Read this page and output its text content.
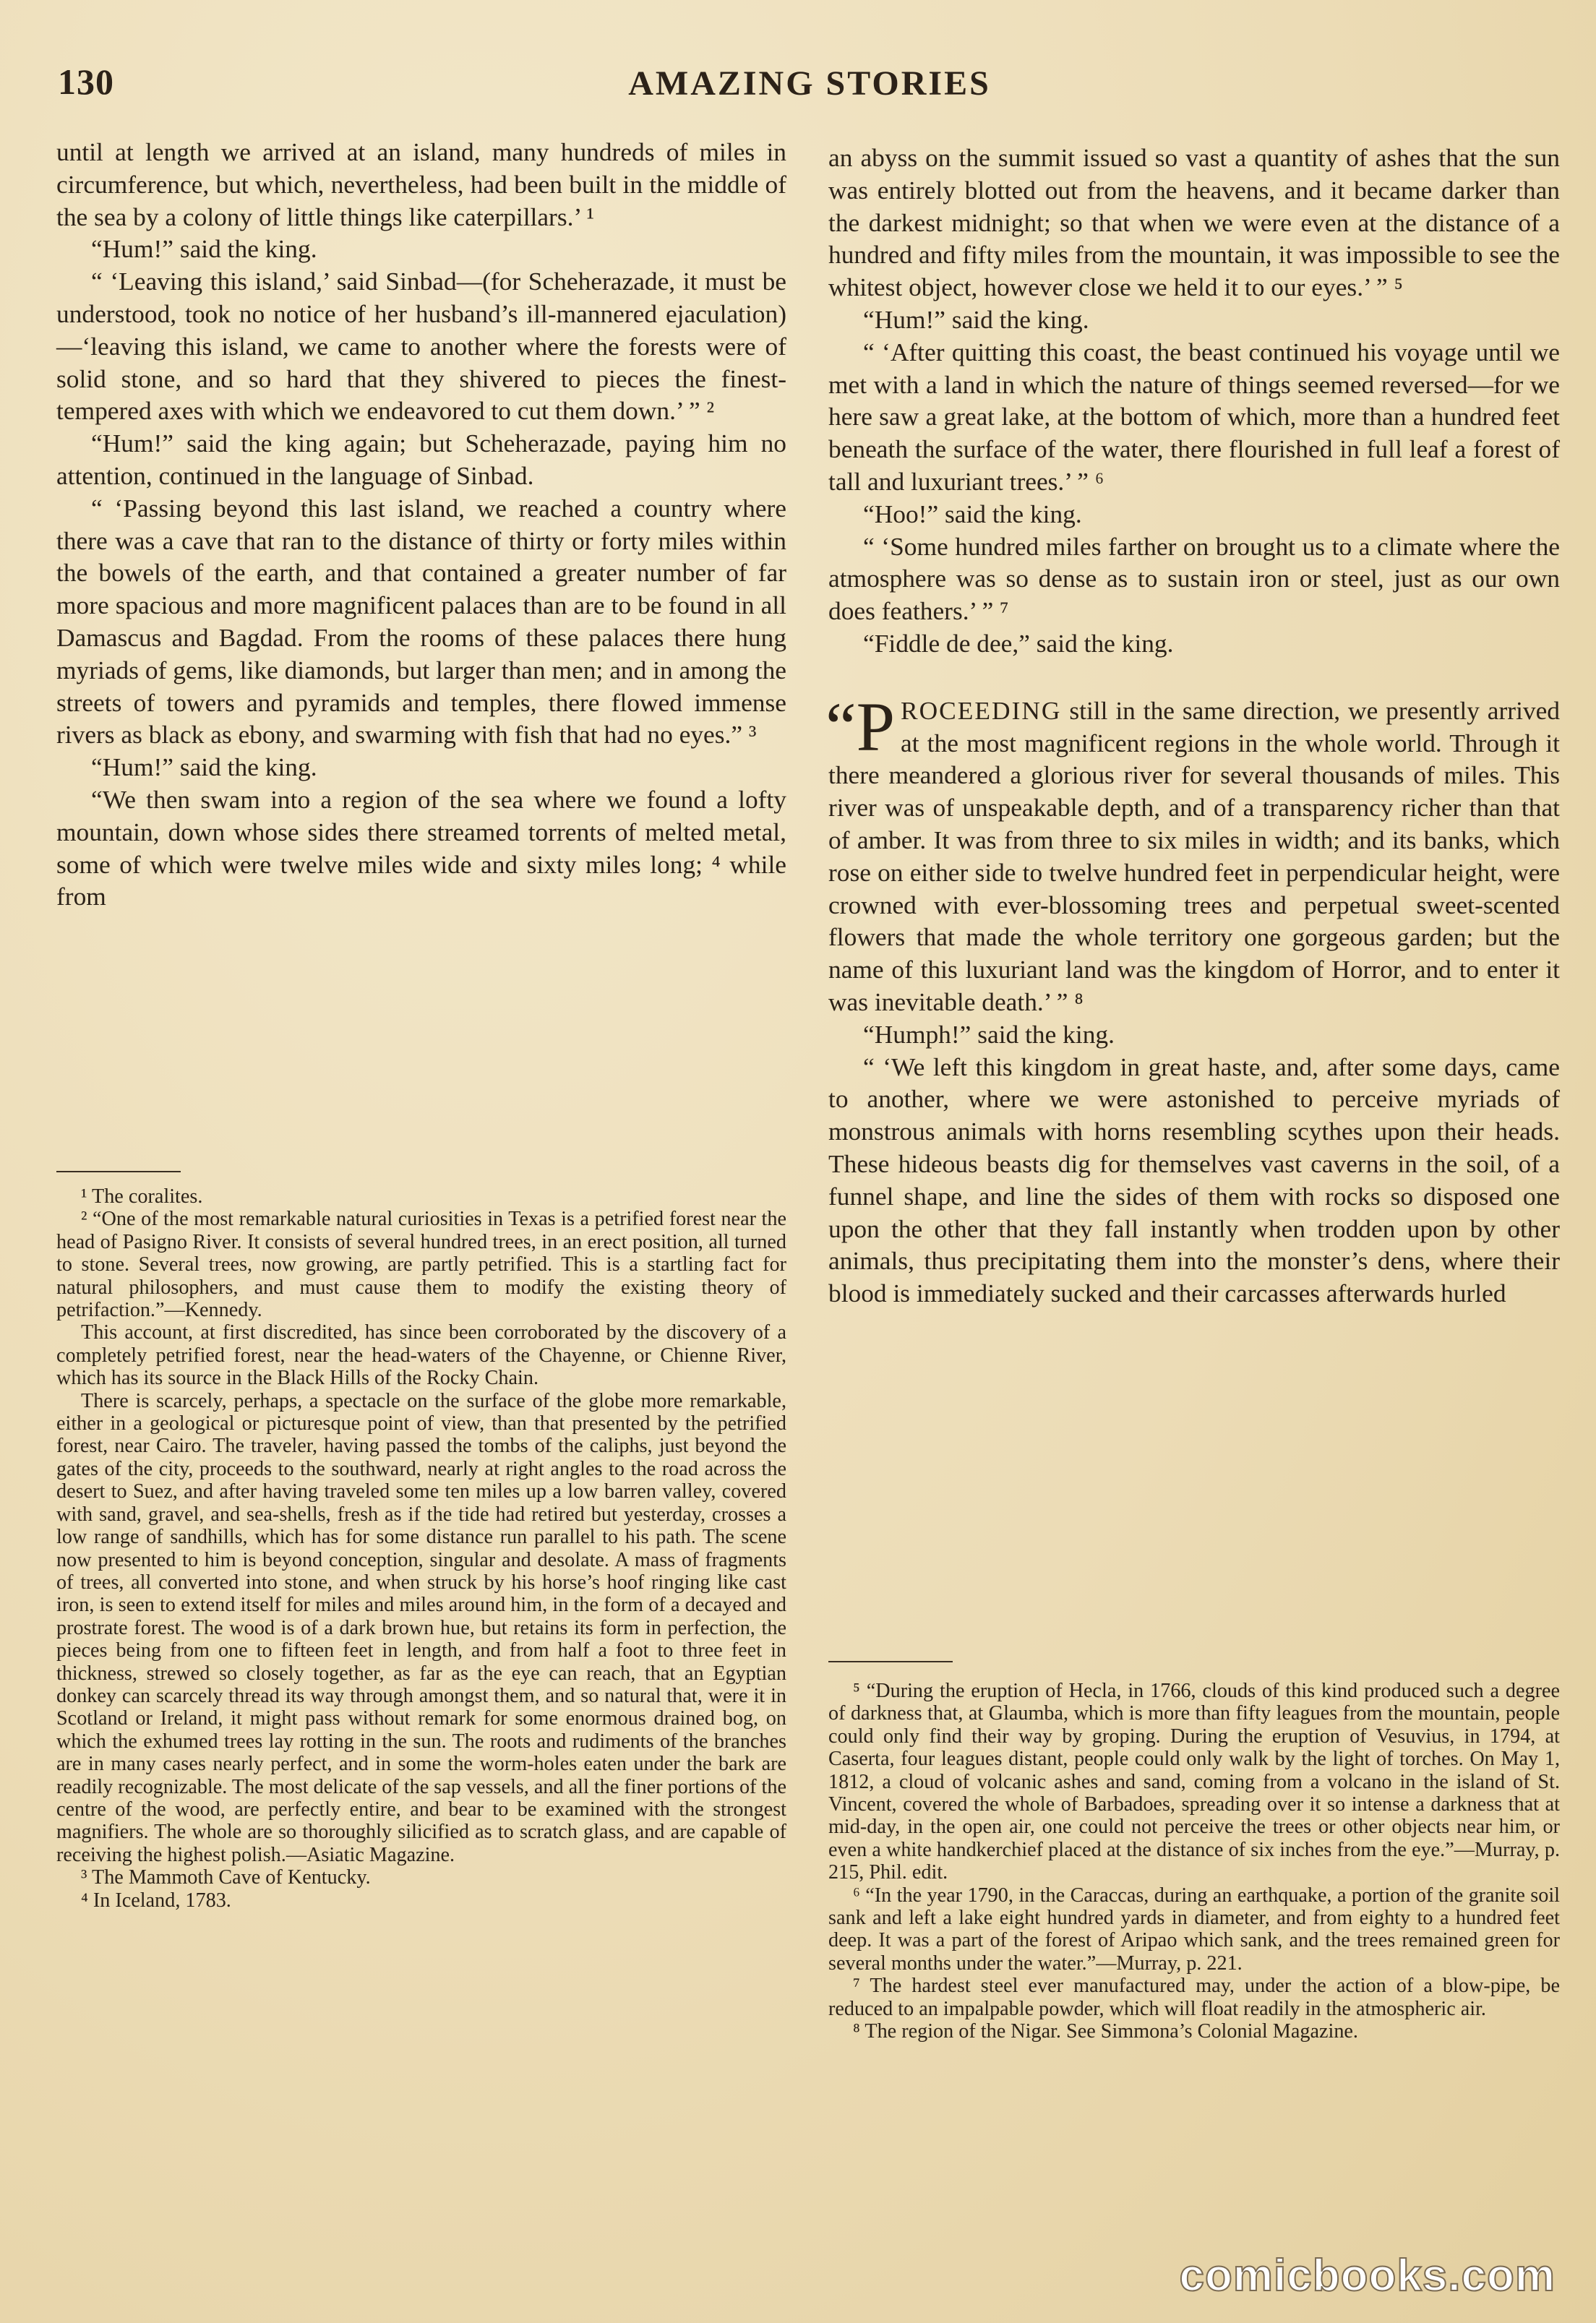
130	AMAZING STORIES

until at length we arrived at an island, many hundreds of miles in circumference, but which, nevertheless, had been built in the middle of the sea by a colony of little things like caterpillars.’ ¹

“Hum!” said the king.

“ ‘Leaving this island,’ said Sinbad—(for Scheherazade, it must be understood, took no notice of her husband’s ill-mannered ejaculation)—‘leaving this island, we came to another where the forests were of solid stone, and so hard that they shivered to pieces the finest-tempered axes with which we endeavored to cut them down.’ ” ²

“Hum!” said the king again; but Scheherazade, paying him no attention, continued in the language of Sinbad.

“ ‘Passing beyond this last island, we reached a country where there was a cave that ran to the distance of thirty or forty miles within the bowels of the earth, and that contained a greater number of far more spacious and more magnificent palaces than are to be found in all Damascus and Bagdad. From the rooms of these palaces there hung myriads of gems, like diamonds, but larger than men; and in among the streets of towers and pyramids and temples, there flowed immense rivers as black as ebony, and swarming with fish that had no eyes.” ³

“Hum!” said the king.

“We then swam into a region of the sea where we found a lofty mountain, down whose sides there streamed torrents of melted metal, some of which were twelve miles wide and sixty miles long; ⁴ while from

¹ The coralites.

² “One of the most remarkable natural curiosities in Texas is a petrified forest near the head of Pasigno River. It consists of several hundred trees, in an erect position, all turned to stone. Several trees, now growing, are partly petrified. This is a startling fact for natural philosophers, and must cause them to modify the existing theory of petrifaction.”—Kennedy.

This account, at first discredited, has since been corroborated by the discovery of a completely petrified forest, near the head-waters of the Chayenne, or Chienne River, which has its source in the Black Hills of the Rocky Chain.

There is scarcely, perhaps, a spectacle on the surface of the globe more remarkable, either in a geological or picturesque point of view, than that presented by the petrified forest, near Cairo. The traveler, having passed the tombs of the caliphs, just beyond the gates of the city, proceeds to the southward, nearly at right angles to the road across the desert to Suez, and after having traveled some ten miles up a low barren valley, covered with sand, gravel, and sea-shells, fresh as if the tide had retired but yesterday, crosses a low range of sandhills, which has for some distance run parallel to his path. The scene now presented to him is beyond conception, singular and desolate. A mass of fragments of trees, all converted into stone, and when struck by his horse’s hoof ringing like cast iron, is seen to extend itself for miles and miles around him, in the form of a decayed and prostrate forest. The wood is of a dark brown hue, but retains its form in perfection, the pieces being from one to fifteen feet in length, and from half a foot to three feet in thickness, strewed so closely together, as far as the eye can reach, that an Egyptian donkey can scarcely thread its way through amongst them, and so natural that, were it in Scotland or Ireland, it might pass without remark for some enormous drained bog, on which the exhumed trees lay rotting in the sun. The roots and rudiments of the branches are in many cases nearly perfect, and in some the worm-holes eaten under the bark are readily recognizable. The most delicate of the sap vessels, and all the finer portions of the centre of the wood, are perfectly entire, and bear to be examined with the strongest magnifiers. The whole are so thoroughly silicified as to scratch glass, and are capable of receiving the highest polish.—Asiatic Magazine.

³ The Mammoth Cave of Kentucky.

⁴ In Iceland, 1783.

an abyss on the summit issued so vast a quantity of ashes that the sun was entirely blotted out from the heavens, and it became darker than the darkest midnight; so that when we were even at the distance of a hundred and fifty miles from the mountain, it was impossible to see the whitest object, however close we held it to our eyes.’ ” ⁵

“Hum!” said the king.

“ ‘After quitting this coast, the beast continued his voyage until we met with a land in which the nature of things seemed reversed—for we here saw a great lake, at the bottom of which, more than a hundred feet beneath the surface of the water, there flourished in full leaf a forest of tall and luxuriant trees.’ ” ⁶

“Hoo!” said the king.

“ ‘Some hundred miles farther on brought us to a climate where the atmosphere was so dense as to sustain iron or steel, just as our own does feathers.’ ” ⁷

“Fiddle de dee,” said the king.

“PROCEEDING still in the same direction, we presently arrived at the most magnificent regions in the whole world. Through it there meandered a glorious river for several thousands of miles. This river was of unspeakable depth, and of a transparency richer than that of amber. It was from three to six miles in width; and its banks, which rose on either side to twelve hundred feet in perpendicular height, were crowned with ever-blossoming trees and perpetual sweet-scented flowers that made the whole territory one gorgeous garden; but the name of this luxuriant land was the kingdom of Horror, and to enter it was inevitable death.’ ” ⁸

“Humph!” said the king.

“ ‘We left this kingdom in great haste, and, after some days, came to another, where we were astonished to perceive myriads of monstrous animals with horns resembling scythes upon their heads. These hideous beasts dig for themselves vast caverns in the soil, of a funnel shape, and line the sides of them with rocks so disposed one upon the other that they fall instantly when trodden upon by other animals, thus precipitating them into the monster’s dens, where their blood is immediately sucked and their carcasses afterwards hurled

⁵ “During the eruption of Hecla, in 1766, clouds of this kind produced such a degree of darkness that, at Glaumba, which is more than fifty leagues from the mountain, people could only find their way by groping. During the eruption of Vesuvius, in 1794, at Caserta, four leagues distant, people could only walk by the light of torches. On May 1, 1812, a cloud of volcanic ashes and sand, coming from a volcano in the island of St. Vincent, covered the whole of Barbadoes, spreading over it so intense a darkness that at mid-day, in the open air, one could not perceive the trees or other objects near him, or even a white handkerchief placed at the distance of six inches from the eye.”—Murray, p. 215, Phil. edit.

⁶ “In the year 1790, in the Caraccas, during an earthquake, a portion of the granite soil sank and left a lake eight hundred yards in diameter, and from eighty to a hundred feet deep. It was a part of the forest of Aripao which sank, and the trees remained green for several months under the water.”—Murray, p. 221.

⁷ The hardest steel ever manufactured may, under the action of a blow-pipe, be reduced to an impalpable powder, which will float readily in the atmospheric air.

⁸ The region of the Nigar. See Simmona’s Colonial Magazine.

comicbooks.com
